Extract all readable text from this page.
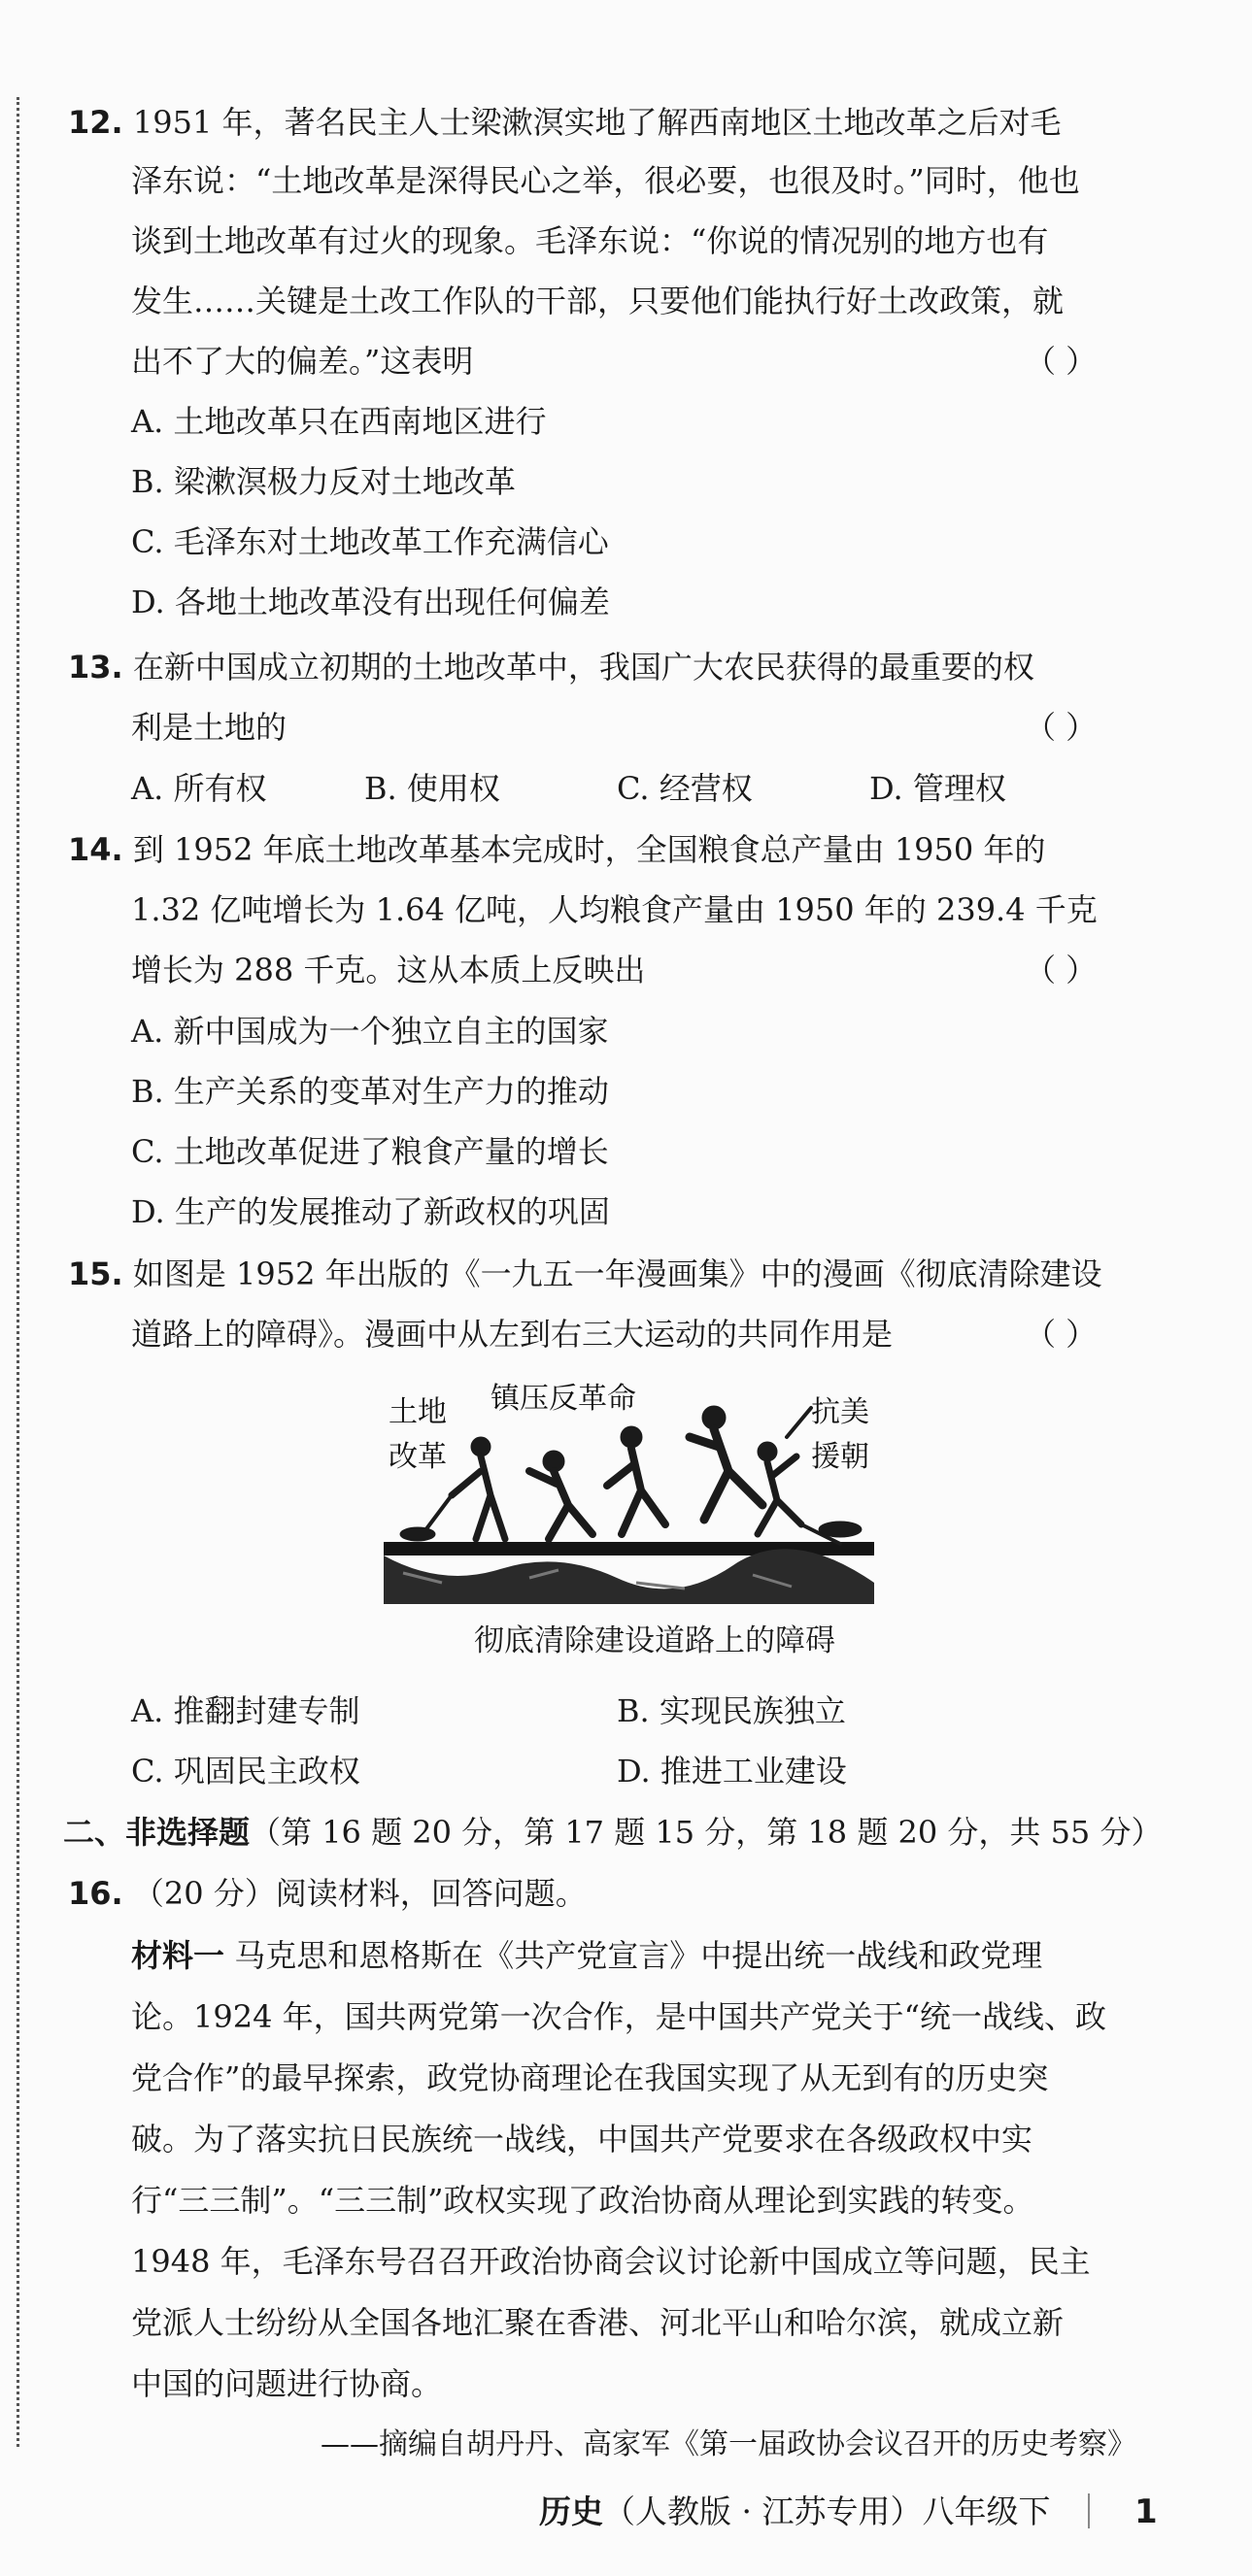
12. 1951 年，著名民主人士梁漱溟实地了解西南地区土地改革之后对毛
泽东说：“土地改革是深得民心之举，很必要，也很及时。”同时，他也
谈到土地改革有过火的现象。毛泽东说：“你说的情况别的地方也有
发生……关键是土改工作队的干部，只要他们能执行好土改政策，就
出不了大的偏差。”这表明	（ ）
A. 土地改革只在西南地区进行
B. 梁漱溟极力反对土地改革
C. 毛泽东对土地改革工作充满信心
D. 各地土地改革没有出现任何偏差
13. 在新中国成立初期的土地改革中，我国广大农民获得的最重要的权
利是土地的	（ ）
A. 所有权	B. 使用权	C. 经营权	D. 管理权
14. 到 1952 年底土地改革基本完成时，全国粮食总产量由 1950 年的
1.32 亿吨增长为 1.64 亿吨，人均粮食产量由 1950 年的 239.4 千克
增长为 288 千克。这从本质上反映出	（ ）
A. 新中国成为一个独立自主的国家
B. 生产关系的变革对生产力的推动
C. 土地改革促进了粮食产量的增长
D. 生产的发展推动了新政权的巩固
15. 如图是 1952 年出版的《一九五一年漫画集》中的漫画《彻底清除建设
道路上的障碍》。漫画中从左到右三大运动的共同作用是	（ ）
土地
改革
镇压反革命	抗美
援朝
彻底清除建设道路上的障碍
A. 推翻封建专制	B. 实现民族独立
C. 巩固民主政权	D. 推进工业建设
二、非选择题（第 16 题 20 分，第 17 题 15 分，第 18 题 20 分，共 55 分）
16. （20 分）阅读材料，回答问题。
材料一 马克思和恩格斯在《共产党宣言》中提出统一战线和政党理
论。1924 年，国共两党第一次合作，是中国共产党关于“统一战线、政
党合作”的最早探索，政党协商理论在我国实现了从无到有的历史突
破。为了落实抗日民族统一战线，中国共产党要求在各级政权中实
行“三三制”。“三三制”政权实现了政治协商从理论到实践的转变。
1948 年，毛泽东号召召开政治协商会议讨论新中国成立等问题，民主
党派人士纷纷从全国各地汇聚在香港、河北平山和哈尔滨，就成立新
中国的问题进行协商。
——摘编自胡丹丹、高家军《第一届政协会议召开的历史考察》
历史（人教版 · 江苏专用）八年级下	1
